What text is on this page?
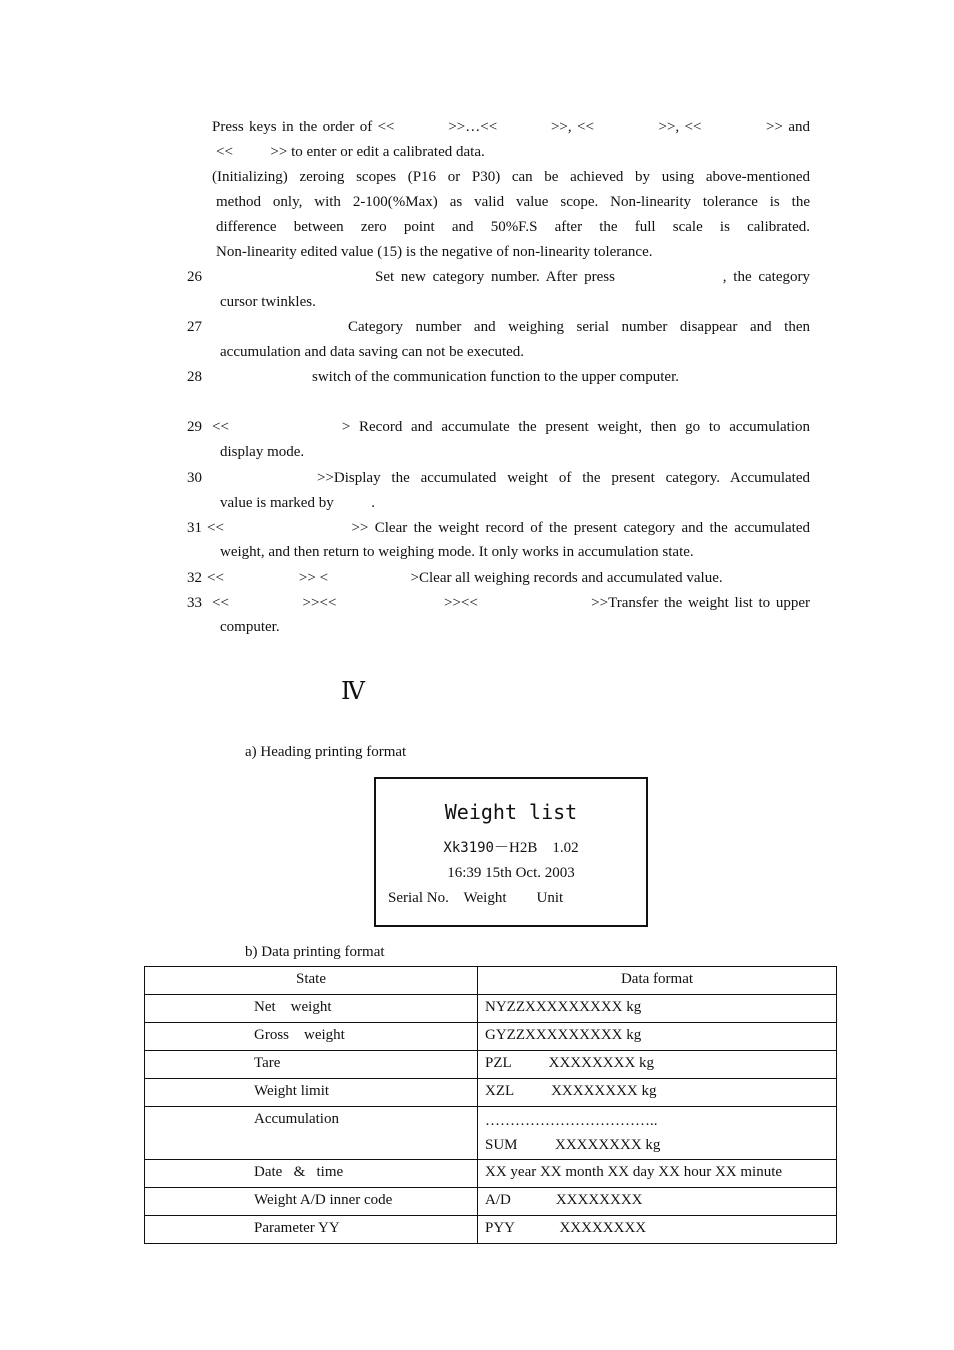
Press keys in the order of <<          >>…<<          >>, <<            >>, <<            >> and
<<          >> to enter or edit a calibrated data.
(Initializing) zeroing scopes (P16 or P30) can be achieved by using above-mentioned
method only, with 2-100(%Max) as valid value scope. Non-linearity tolerance is the
difference between zero point and 50%F.S after the full scale is calibrated.
Non-linearity edited value (15) is the negative of non-linearity tolerance.
26	Set new category number. After press                , the category
cursor twinkles.
27	Category number and weighing serial number disappear and then
accumulation and data saving can not be executed.
28	switch of the communication function to the upper computer.
29 <<             > Record and accumulate the present weight, then go to accumulation
display mode.
30	>>Display the accumulated weight of the present category. Accumulated
value is marked by          .
31 <<                    >> Clear the weight record of the present category and the accumulated
weight, and then return to weighing mode. It only works in accumulation state.
32 <<                    >> <                      >Clear all weighing records and accumulated value.
33 <<             >><<                   >><<                    >>Transfer the weight list to upper
computer.
Ⅳ
a) Heading printing format
Weight list
Xk3190－H2B    1.02
16:39 15th Oct. 2003
Serial No.    Weight        Unit
b) Data printing format
State	Data format
Net    weight	NYZZXXXXXXXXX kg
Gross    weight	GYZZXXXXXXXXX kg
Tare	PZL          XXXXXXXX kg
Weight limit	XZL          XXXXXXXX kg
Accumulation	……………………………..
SUM          XXXXXXXX kg

Date   &   time	XX year XX month XX day XX hour XX minute
Weight A/D inner code	A/D            XXXXXXXX
Parameter YY	PYY            XXXXXXXX
